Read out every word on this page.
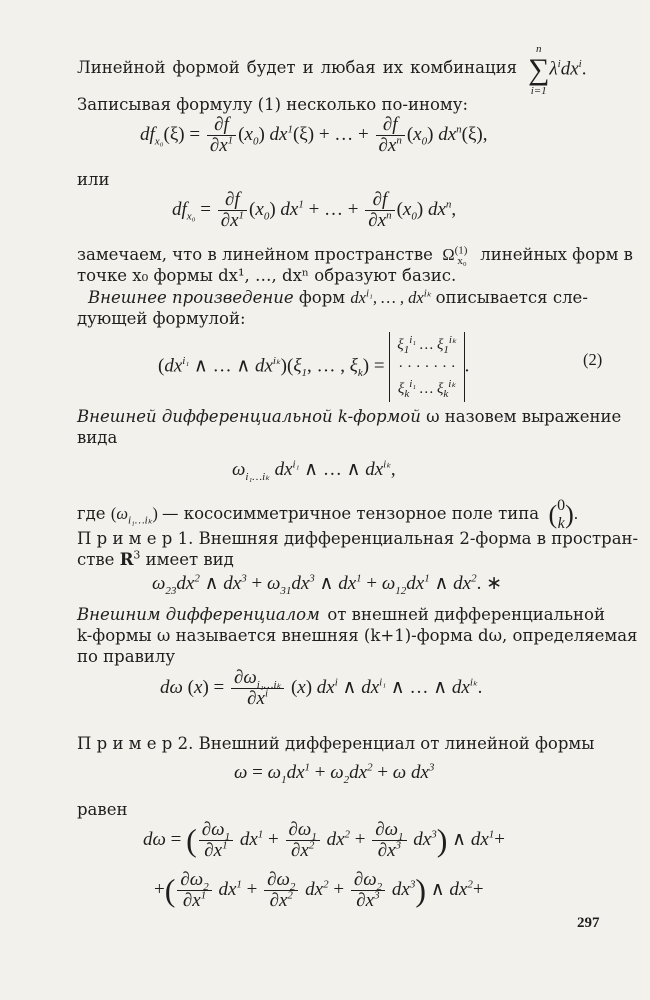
Линейной формой будет и любая их комбинация
n
∑
i=1
$\lambda^idx^i$.
Записывая формулу (1) несколько по-иному:
$df_{x_0}(\xi) = \frac{\partial f}{\partial x^1} (x_0) dx^1(\xi)$ + … + $\frac{\partial f}{\partial x^n} (x_0)$ $dx^n(\xi)$,
или
$df_{x_0} = \frac{\partial f}{\partial x^1} (x_0) dx^1$ + … + $\frac{\partial f}{\partial x^n} (x_0)$ $dx^n$,
замечаем, что в линейном пространстве  $\Omega^{(1)}_{x_0}$ линейных форм в
точке x₀ формы dx¹, …, dxⁿ образуют базис.
Внешнее произведение форм $dx^{i_1}$, … , $dx^{i_k}$ описывается сле-
дующей формулой:
($dx^{i_1}$ ∧ … ∧ $dx^{i_k})(\xi_1$, … , $\xi_k) = \xi_1^{i_1}$ … $\xi_1^{i_k}$
· · · · · · ·
$\xi_k^{i_1}$ … $\xi_k^{i_k}$.	(2)
Внешней дифференциальной k-формой ω назовем выражение
вида
$\omega_{i_1\dots i_k}$ $dx^{i_1}$ ∧ … ∧ $dx^{i_k}$,
где $(\omega_{i_1\dots i_k})$ — кососимметричное тензорное поле типа (0
k).
П р и м е р 1. Внешняя дифференциальная 2-форма в простран-
стве $R^3$ имеет вид
$\omega_{23}dx^2$ ∧ $dx^3 + \omega_{31}dx^3$ ∧ $dx^1 + \omega_{12}dx^1$ ∧ $dx^2$. ∗
Внешним дифференциалом от внешней дифференциальной
k-формы ω называется внешняя (k+1)-форма dω, определяемая
по правилу
dω $(x) = \frac{\partial\omega_{i_1\dots i_k}}{\partial x^i} (x)$ $dx^i$ ∧ $dx^{i_1}$ ∧ … ∧ $dx^{i_k}$.
П р и м е р 2. Внешний дифференциал от линейной формы
$\omega = \omega_1dx^1 + \omega_2dx^2 + \omega$ $dx^3$
равен
dω = ( $\frac{\partial\omega_1}{\partial x^1} dx^1 + \frac{\partial\omega_1}{\partial x^2} dx^2 + \frac{\partial\omega_1}{\partial x^3} dx^3$) ∧ $dx^1+$
+( $\frac{\partial\omega_2}{\partial x^1} dx^1 + \frac{\partial\omega_2}{\partial x^2} dx^2 + \frac{\partial\omega_2}{\partial x^3} dx^3$) ∧ $dx^2+$
297
